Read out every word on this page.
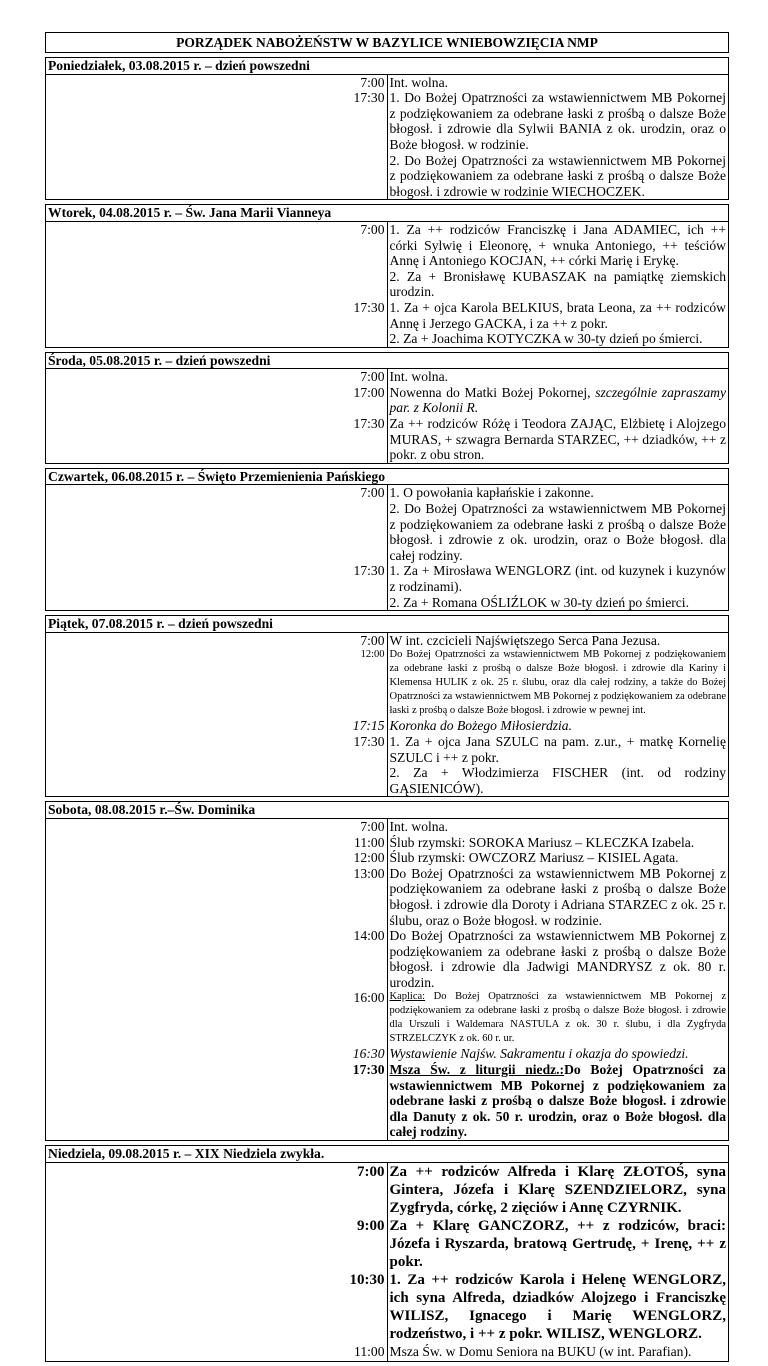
PORZĄDEK NABOŻEŃSTW W BAZYLICE WNIEBOWZIĘCIA NMP
Poniedziałek, 03.08.2015 r. – dzień powszedni	
7:00	Int. wolna.
17:30	1. Do Bożej Opatrzności za wstawiennictwem MB Pokornej z podziękowaniem za odebrane łaski z prośbą o dalsze Boże błogosł. i zdrowie dla Sylwii BANIA z ok. urodzin, oraz o Boże błogosł. w rodzinie.
	2. Do Bożej Opatrzności za wstawiennictwem MB Pokornej z podziękowaniem za odebrane łaski z prośbą o dalsze Boże błogosł. i zdrowie w rodzinie WIECHOCZEK.
Wtorek, 04.08.2015 r. – Św. Jana Marii Vianneya	
7:00	1. Za ++ rodziców Franciszkę i Jana ADAMIEC, ich ++ córki Sylwię i Eleonorę, + wnuka Antoniego, ++ teściów Annę i Antoniego KOCJAN, ++ córki Marię i Erykę.
	2. Za + Bronisławę KUBASZAK na pamiątkę ziemskich urodzin.
17:30	1. Za + ojca Karola BELKIUS, brata Leona, za ++ rodziców Annę i Jerzego GACKA, i za ++ z pokr.
	2. Za + Joachima KOTYCZKA w 30-ty dzień po śmierci.
Środa, 05.08.2015 r. – dzień powszedni	
7:00	Int. wolna.
17:00	Nowenna do Matki Bożej Pokornej, szczególnie zapraszamy par. z Kolonii R.
17:30	Za ++ rodziców Różę i Teodora ZAJĄC, Elżbietę i Alojzego MURAS, + szwagra Bernarda STARZEC, ++ dziadków, ++ z pokr. z obu stron.
Czwartek, 06.08.2015 r. – Święto Przemienienia Pańskiego	
7:00	1. O powołania kapłańskie i zakonne.
	2. Do Bożej Opatrzności za wstawiennictwem MB Pokornej z podziękowaniem za odebrane łaski z prośbą o dalsze Boże błogosł. i zdrowie z ok. urodzin, oraz o Boże błogosł. dla całej rodziny.
17:30	1. Za + Mirosława WENGLORZ (int. od kuzynek i kuzynów z rodzinami).
	2. Za + Romana OŚLIŹLOK w 30-ty dzień po śmierci.
Piątek, 07.08.2015 r. – dzień powszedni	
7:00	W int. czcicieli Najświętszego Serca Pana Jezusa.
12:00	Do Bożej Opatrzności za wstawiennictwem MB Pokornej z podziękowaniem za odebrane łaski z prośbą o dalsze Boże błogosł. i zdrowie dla Kariny i Klemensa HULIK z ok. 25 r. ślubu, oraz dla całej rodziny, a także do Bożej Opatrzności za wstawiennictwem MB Pokornej z podziękowaniem za odebrane łaski z prośbą o dalsze Boże błogosł. i zdrowie w pewnej int.
17:15	Koronka do Bożego Miłosierdzia.
17:30	1. Za + ojca Jana SZULC na pam. z.ur., + matkę Kornelię SZULC i ++ z pokr.
	2. Za + Włodzimierza FISCHER (int. od rodziny GĄSIENICÓW).
Sobota, 08.08.2015 r.–Św. Dominika	
7:00	Int. wolna.
11:00	Ślub rzymski: SOROKA Mariusz – KLECZKA Izabela.
12:00	Ślub rzymski: OWCZORZ Mariusz – KISIEL Agata.
13:00	Do Bożej Opatrzności za wstawiennictwem MB Pokornej z podziękowaniem za odebrane łaski z prośbą o dalsze Boże błogosł. i zdrowie dla Doroty i Adriana STARZEC z ok. 25 r. ślubu, oraz o Boże błogosł. w rodzinie.
14:00	Do Bożej Opatrzności za wstawiennictwem MB Pokornej z podziękowaniem za odebrane łaski z prośbą o dalsze Boże błogosł. i zdrowie dla Jadwigi MANDRYSZ z ok. 80 r. urodzin.
16:00	Kaplica: Do Bożej Opatrzności za wstawiennictwem MB Pokornej z podziękowaniem za odebrane łaski z prośbą o dalsze Boże błogosł. i zdrowie dla Urszuli i Waldemara NASTULA z ok. 30 r. ślubu, i dla Zygfryda STRZELCZYK z ok. 60 r. ur.
16:30	Wystawienie Najśw. Sakramentu i okazja do spowiedzi.
17:30	Msza Św. z liturgii niedz.:Do Bożej Opatrzności za wstawiennictwem MB Pokornej z podziękowaniem za odebrane łaski z prośbą o dalsze Boże błogosł. i zdrowie dla Danuty z ok. 50 r. urodzin, oraz o Boże błogosł. dla całej rodziny.
Niedziela, 09.08.2015 r. – XIX Niedziela zwykła.	
7:00	Za ++ rodziców Alfreda i Klarę ZŁOTOŚ, syna Gintera, Józefa i Klarę SZENDZIELORZ, syna Zygfryda, córkę, 2 zięciów i Annę CZYRNIK.
9:00	Za + Klarę GANCZORZ, ++ z rodziców, braci: Józefa i Ryszarda, bratową Gertrudę, + Irenę, ++ z pokr.
10:30	1. Za ++ rodziców Karola i Helenę WENGLORZ, ich syna Alfreda, dziadków Alojzego i Franciszkę WILISZ, Ignacego i Marię WENGLORZ, rodzeństwo, i ++ z pokr. WILISZ, WENGLORZ.
11:00	Msza Św. w Domu Seniora na BUKU (w int. Parafian).
